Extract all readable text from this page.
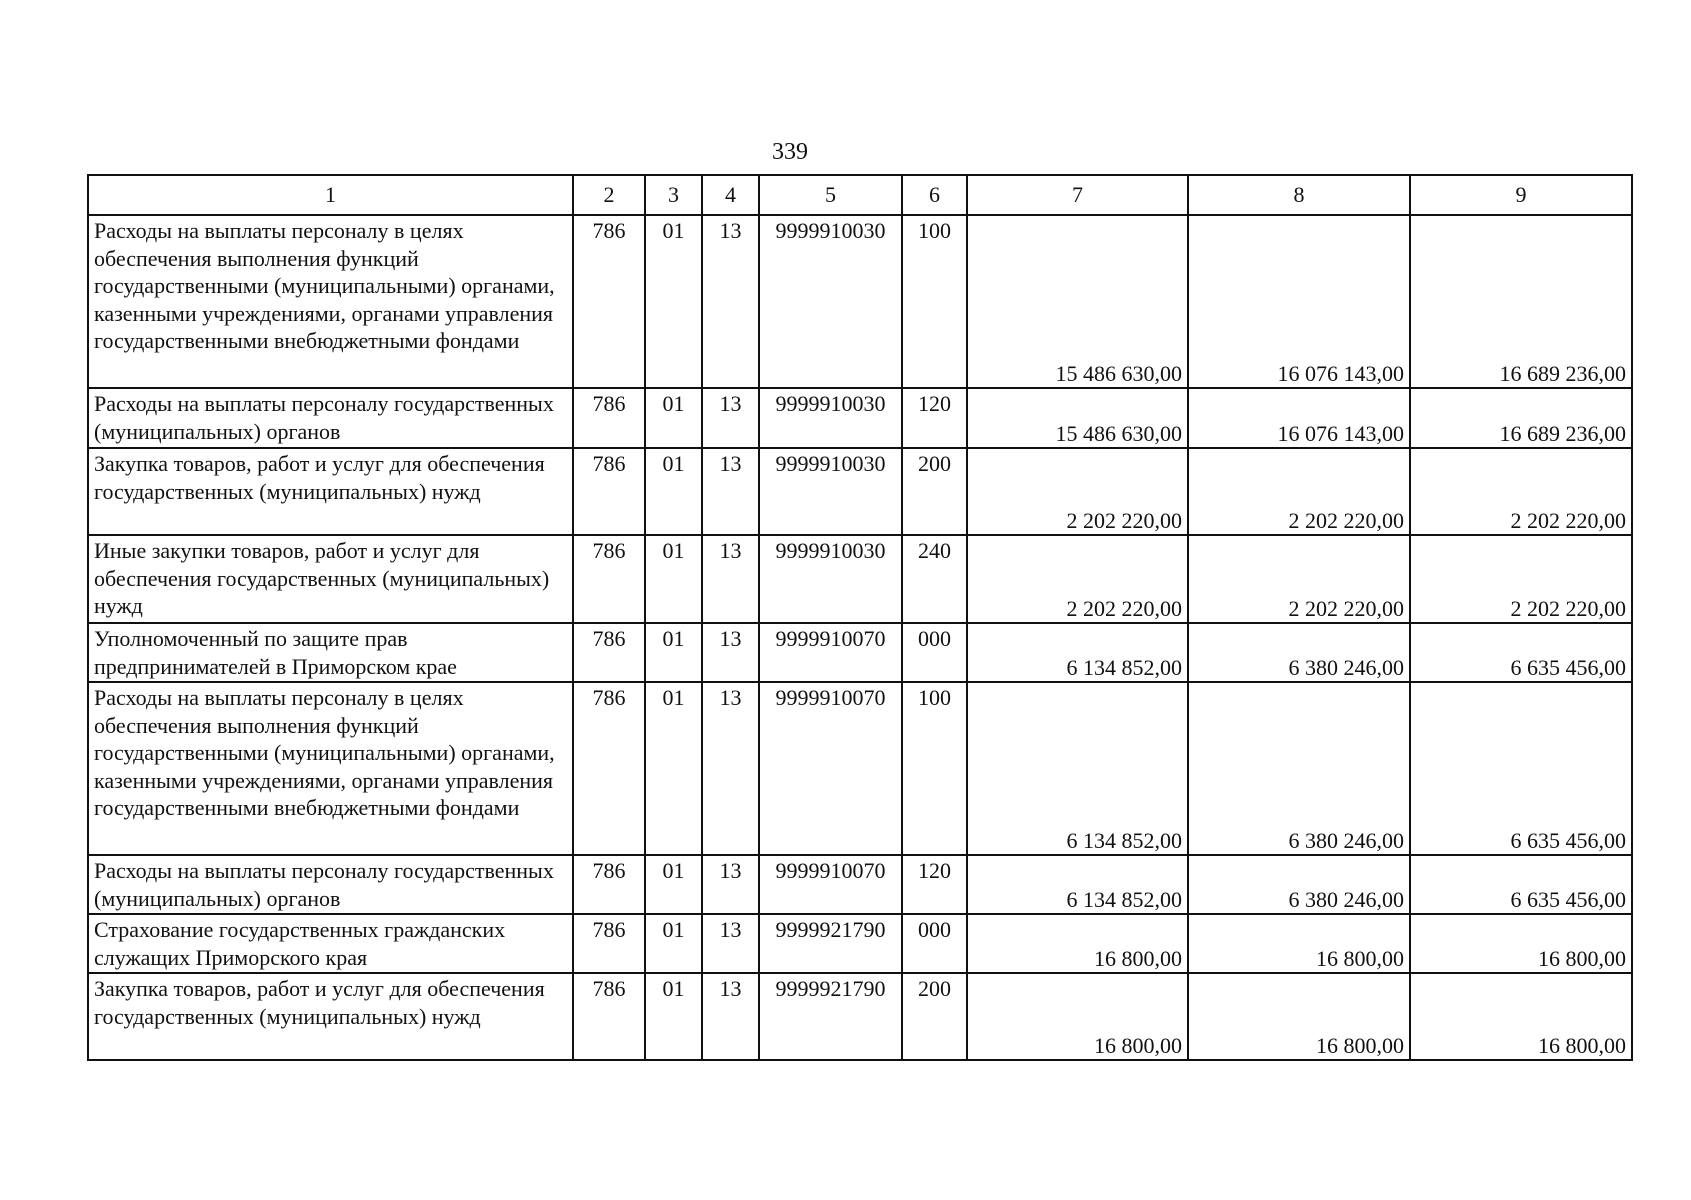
339
1	2	3	4	5	6	7	8	9
Расходы на выплаты персоналу в целях обеспечения выполнения функций государственными (муниципальными) органами, казенными учреждениями, органами управления государственными внебюджетными фондами	786	01	13	9999910030	100	15 486 630,00	16 076 143,00	16 689 236,00
Расходы на выплаты персоналу государственных (муниципальных) органов	786	01	13	9999910030	120	15 486 630,00	16 076 143,00	16 689 236,00
Закупка товаров, работ и услуг для обеспечения государственных (муниципальных) нужд	786	01	13	9999910030	200	2 202 220,00	2 202 220,00	2 202 220,00
Иные закупки товаров, работ и услуг для обеспечения государственных (муниципальных) нужд	786	01	13	9999910030	240	2 202 220,00	2 202 220,00	2 202 220,00
Уполномоченный по защите прав предпринимателей в Приморском крае	786	01	13	9999910070	000	6 134 852,00	6 380 246,00	6 635 456,00
Расходы на выплаты персоналу в целях обеспечения выполнения функций государственными (муниципальными) органами, казенными учреждениями, органами управления государственными внебюджетными фондами	786	01	13	9999910070	100	6 134 852,00	6 380 246,00	6 635 456,00
Расходы на выплаты персоналу государственных (муниципальных) органов	786	01	13	9999910070	120	6 134 852,00	6 380 246,00	6 635 456,00
Страхование государственных гражданских служащих Приморского края	786	01	13	9999921790	000	16 800,00	16 800,00	16 800,00
Закупка товаров, работ и услуг для обеспечения государственных (муниципальных) нужд	786	01	13	9999921790	200	16 800,00	16 800,00	16 800,00
